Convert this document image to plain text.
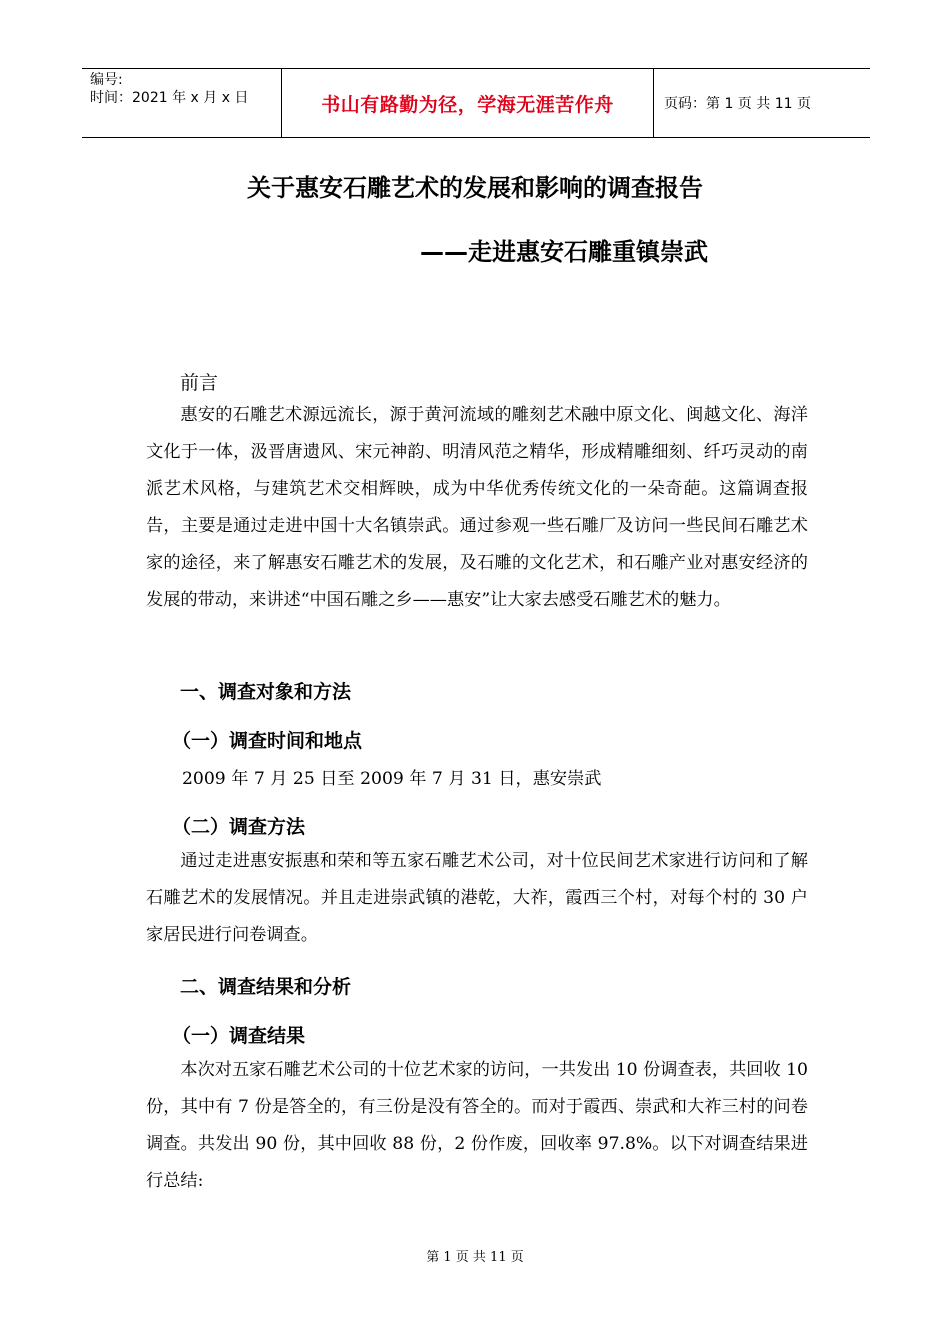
编号:
时间：2021 年 x 月 x 日	书山有路勤为径，学海无涯苦作舟	页码：第 1 页 共 11 页
关于惠安石雕艺术的发展和影响的调查报告
——走进惠安石雕重镇崇武
前言
惠安的石雕艺术源远流长，源于黄河流域的雕刻艺术融中原文化、闽越文化、海洋文化于一体，汲晋唐遗风、宋元神韵、明清风范之精华，形成精雕细刻、纤巧灵动的南派艺术风格，与建筑艺术交相辉映，成为中华优秀传统文化的一朵奇葩。这篇调查报告，主要是通过走进中国十大名镇崇武。通过参观一些石雕厂及访问一些民间石雕艺术家的途径，来了解惠安石雕艺术的发展，及石雕的文化艺术，和石雕产业对惠安经济的发展的带动，来讲述“中国石雕之乡——惠安”让大家去感受石雕艺术的魅力。
一、调查对象和方法
（一）调查时间和地点
2009 年 7 月 25 日至 2009 年 7 月 31 日，惠安崇武
（二）调查方法
通过走进惠安振惠和荣和等五家石雕艺术公司，对十位民间艺术家进行访问和了解石雕艺术的发展情况。并且走进崇武镇的港乾，大祚，霞西三个村，对每个村的 30 户家居民进行问卷调查。
二、调查结果和分析
（一）调查结果
本次对五家石雕艺术公司的十位艺术家的访问，一共发出 10 份调查表，共回收 10 份，其中有 7 份是答全的，有三份是没有答全的。而对于霞西、崇武和大祚三村的问卷调查。共发出 90 份，其中回收 88 份，2 份作废，回收率 97.8%。以下对调查结果进行总结:
第 1 页 共 11 页
